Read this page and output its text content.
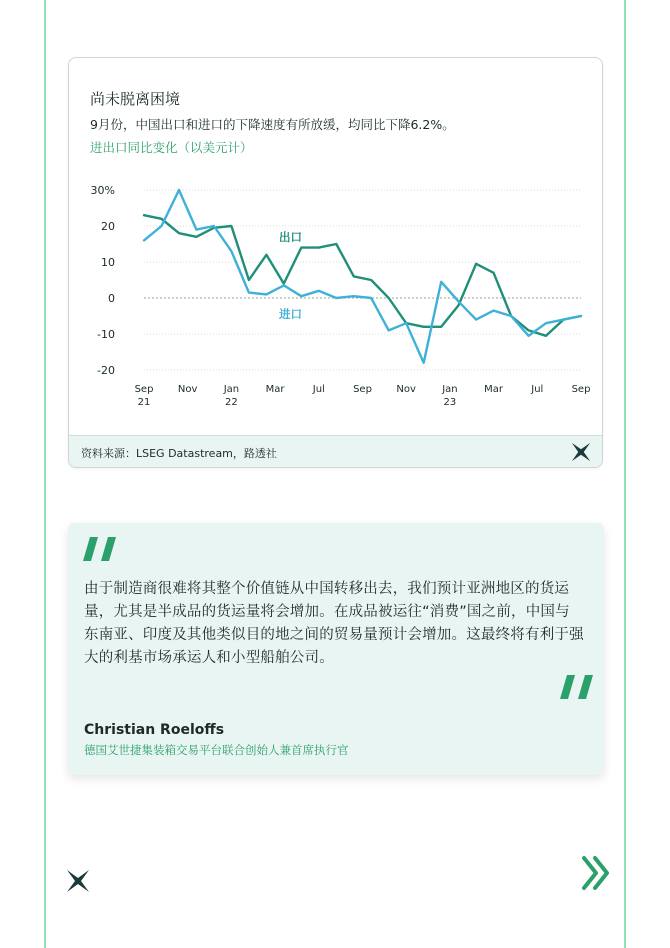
尚未脱离困境
9月份，中国出口和进口的下降速度有所放缓，均同比下降6.2%。
进出口同比变化（以美元计）
30%
20
10
0
-10
-20
Sep
21
Nov	Jan
22
Mar	Jul	Sep Nov	Jan
23
Mar	Jul	Sep
出口
进口
资料来源：LSEG Datastream，路透社
由于制造商很难将其整个价值链从中国转移出去，我们预计亚洲地区的货运量，尤其是半成品的货运量将会增加。在成品被运往“消费”国之前，中国与东南亚、印度及其他类似目的地之间的贸易量预计会增加。这最终将有利于强大的利基市场承运人和小型船舶公司。
Christian Roeloffs
德国艾世捷集装箱交易平台联合创始人兼首席执行官
